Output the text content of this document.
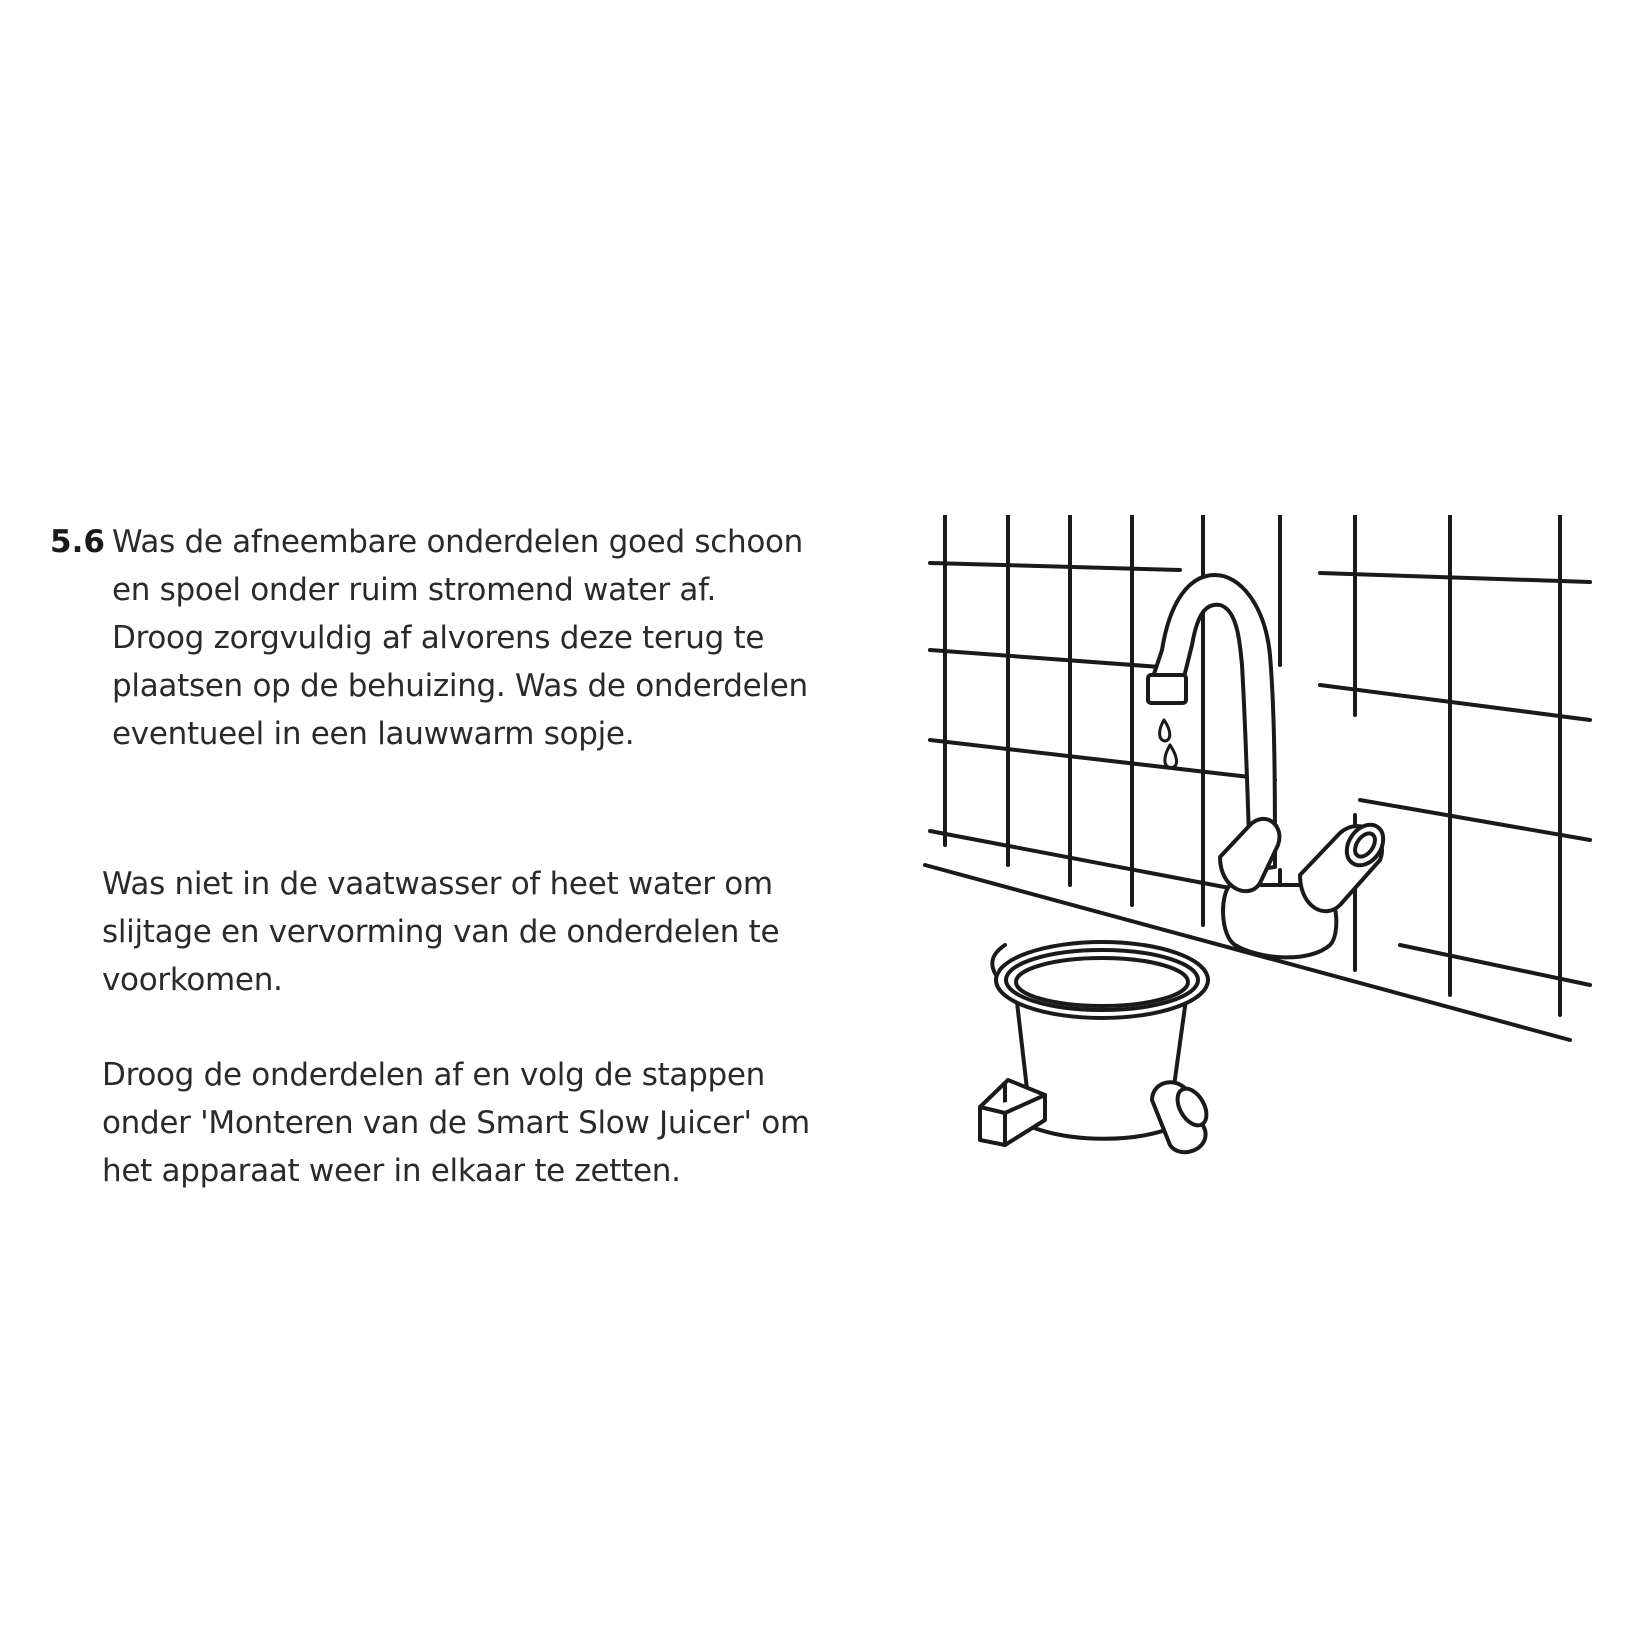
5.6 Was de afneembare onderdelen goed schoon en spoel onder ruim stromend water af. Droog zorgvuldig af alvorens deze terug te plaatsen op de behuizing. Was de onderdelen eventueel in een lauwwarm sopje.

Was niet in de vaatwasser of heet water om slijtage en vervorming van de onderdelen te voorkomen.

Droog de onderdelen af en volg de stappen onder 'Monteren van de Smart Slow Juicer' om het apparaat weer in elkaar te zetten.
